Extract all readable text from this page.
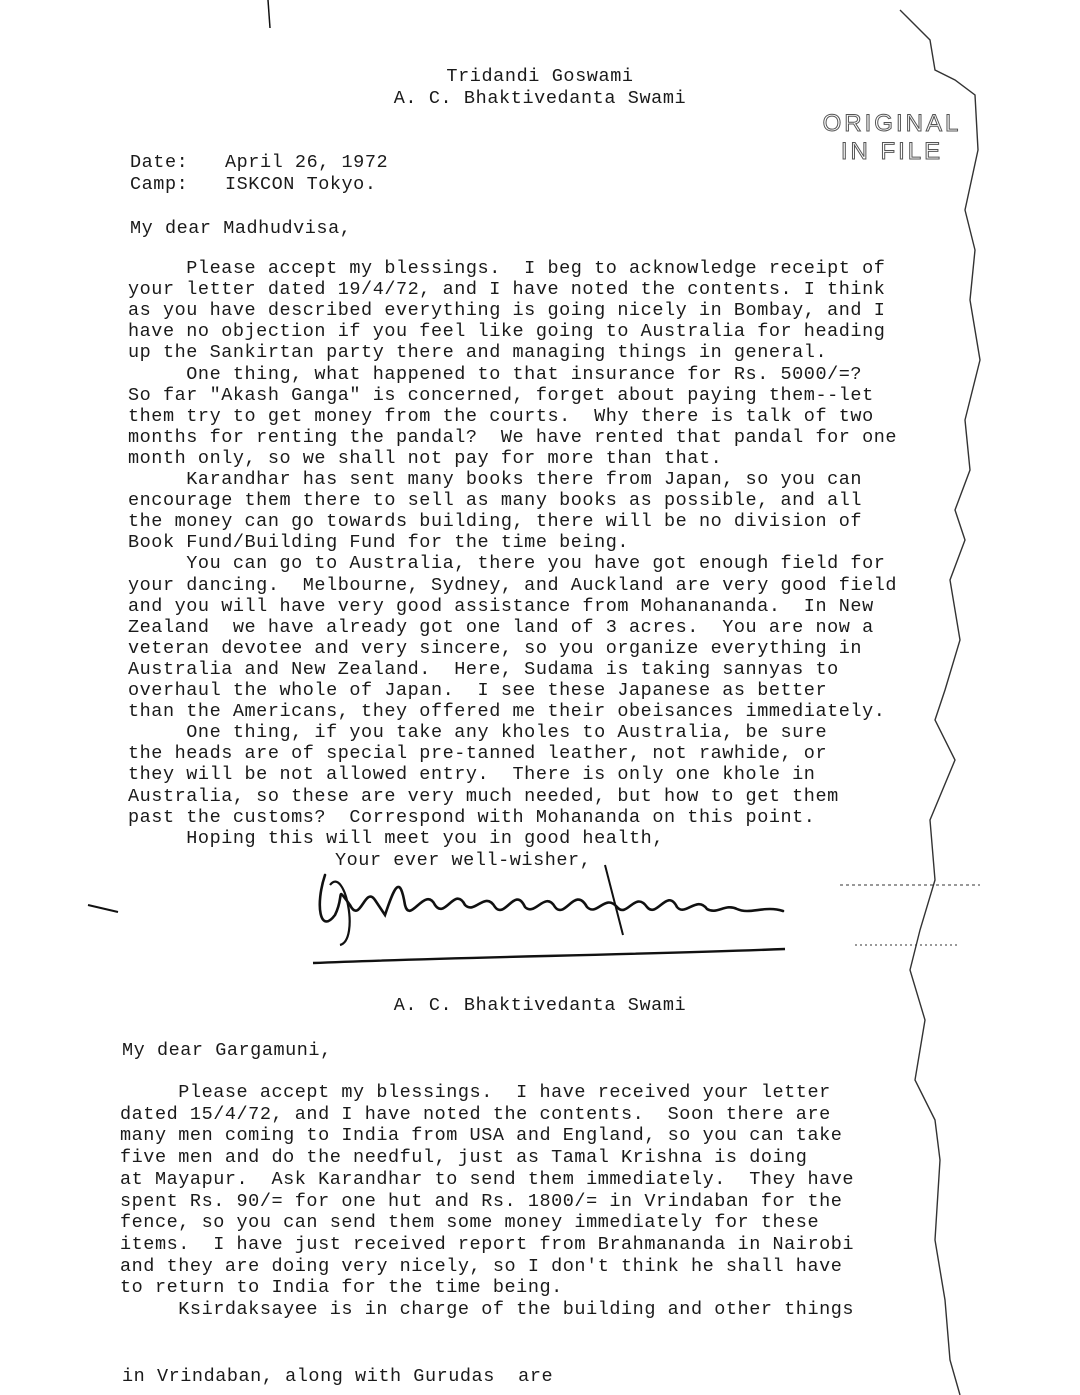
Tridandi Goswami
A. C. Bhaktivedanta Swami
ORIGINAL
IN FILE
Date: April 26, 1972
Camp: ISKCON Tokyo.
My dear Madhudvisa,
Please accept my blessings.  I beg to acknowledge receipt of
your letter dated 19/4/72, and I have noted the contents. I think
as you have described everything is going nicely in Bombay, and I
have no objection if you feel like going to Australia for heading
up the Sankirtan party there and managing things in general.
One thing, what happened to that insurance for Rs. 5000/=?
So far "Akash Ganga" is concerned, forget about paying them--let
them try to get money from the courts.  Why there is talk of two
months for renting the pandal?  We have rented that pandal for one
month only, so we shall not pay for more than that.
Karandhar has sent many books there from Japan, so you can
encourage them there to sell as many books as possible, and all
the money can go towards building, there will be no division of
Book Fund/Building Fund for the time being.
You can go to Australia, there you have got enough field for
your dancing.  Melbourne, Sydney, and Auckland are very good field
and you will have very good assistance from Mohanananda.  In New
Zealand  we have already got one land of 3 acres.  You are now a
veteran devotee and very sincere, so you organize everything in
Australia and New Zealand.  Here, Sudama is taking sannyas to
overhaul the whole of Japan.  I see these Japanese as better
than the Americans, they offered me their obeisances immediately.
One thing, if you take any kholes to Australia, be sure
the heads are of special pre-tanned leather, not rawhide, or
they will be not allowed entry.  There is only one khole in
Australia, so these are very much needed, but how to get them
past the customs?  Correspond with Mohananda on this point.
Hoping this will meet you in good health,
Your ever well-wisher,
A. C. Bhaktivedanta Swami
My dear Gargamuni,
Please accept my blessings.  I have received your letter
dated 15/4/72, and I have noted the contents.  Soon there are
many men coming to India from USA and England, so you can take
five men and do the needful, just as Tamal Krishna is doing
at Mayapur.  Ask Karandhar to send them immediately.  They have
spent Rs. 90/= for one hut and Rs. 1800/= in Vrindaban for the
fence, so you can send them some money immediately for these
items.  I have just received report from Brahmananda in Nairobi
and they are doing very nicely, so I don't think he shall have
to return to India for the time being.
Ksirdaksayee is in charge of the building and other things
in Vrindaban, along with Gurudas  are
